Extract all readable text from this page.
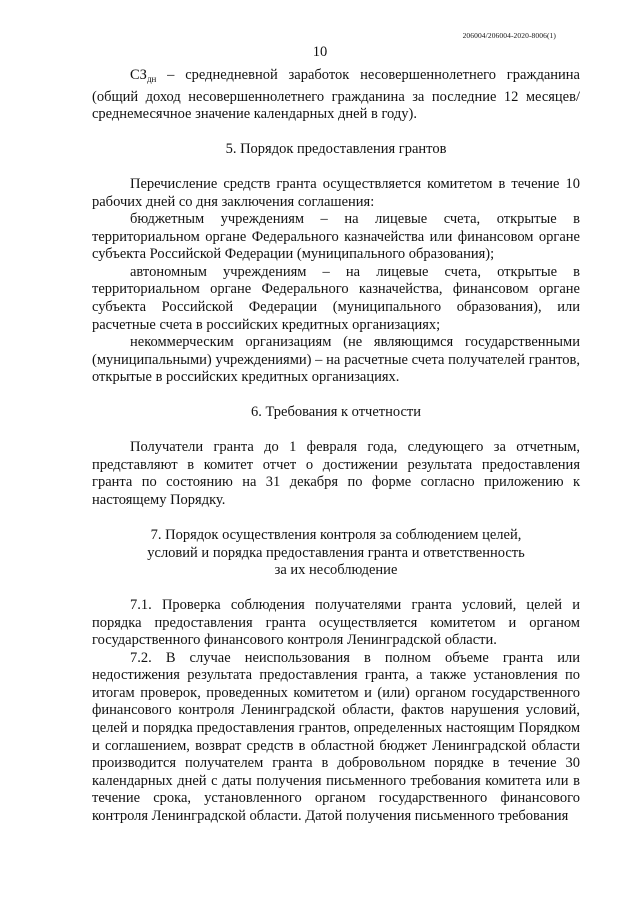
206004/206004-2020-8006(1)
10

$СЗ_{дн}$ – среднедневной заработок несовершеннолетнего гражданина (общий доход несовершеннолетнего гражданина за последние 12 месяцев/среднемесячное значение календарных дней в году).

5. Порядок предоставления грантов

Перечисление средств гранта осуществляется комитетом в течение 10 рабочих дней со дня заключения соглашения:

бюджетным учреждениям – на лицевые счета, открытые в территориальном органе Федерального казначейства или финансовом органе субъекта Российской Федерации (муниципального образования);

автономным учреждениям – на лицевые счета, открытые в территориальном органе Федерального казначейства, финансовом органе субъекта Российской Федерации (муниципального образования), или расчетные счета в российских кредитных организациях;

некоммерческим организациям (не являющимся государственными (муниципальными) учреждениями) – на расчетные счета получателей грантов, открытые в российских кредитных организациях.

6. Требования к отчетности

Получатели гранта до 1 февраля года, следующего за отчетным, представляют в комитет отчет о достижении результата предоставления гранта по состоянию на 31 декабря по форме согласно приложению к настоящему Порядку.

7. Порядок осуществления контроля за соблюдением целей,

условий и порядка предоставления гранта и ответственность

за их несоблюдение

7.1. Проверка соблюдения получателями гранта условий, целей и порядка предоставления гранта осуществляется комитетом и органом государственного финансового контроля Ленинградской области.

7.2. В случае неиспользования в полном объеме гранта или недостижения результата предоставления гранта, а также установления по итогам проверок, проведенных комитетом и (или) органом государственного финансового контроля Ленинградской области, фактов нарушения условий, целей и порядка предоставления грантов, определенных настоящим Порядком и соглашением, возврат средств в областной бюджет Ленинградской области производится получателем гранта в добровольном порядке в течение 30 календарных дней с даты получения письменного требования комитета или в течение срока, установленного органом государственного финансового контроля Ленинградской области. Датой получения письменного требования
